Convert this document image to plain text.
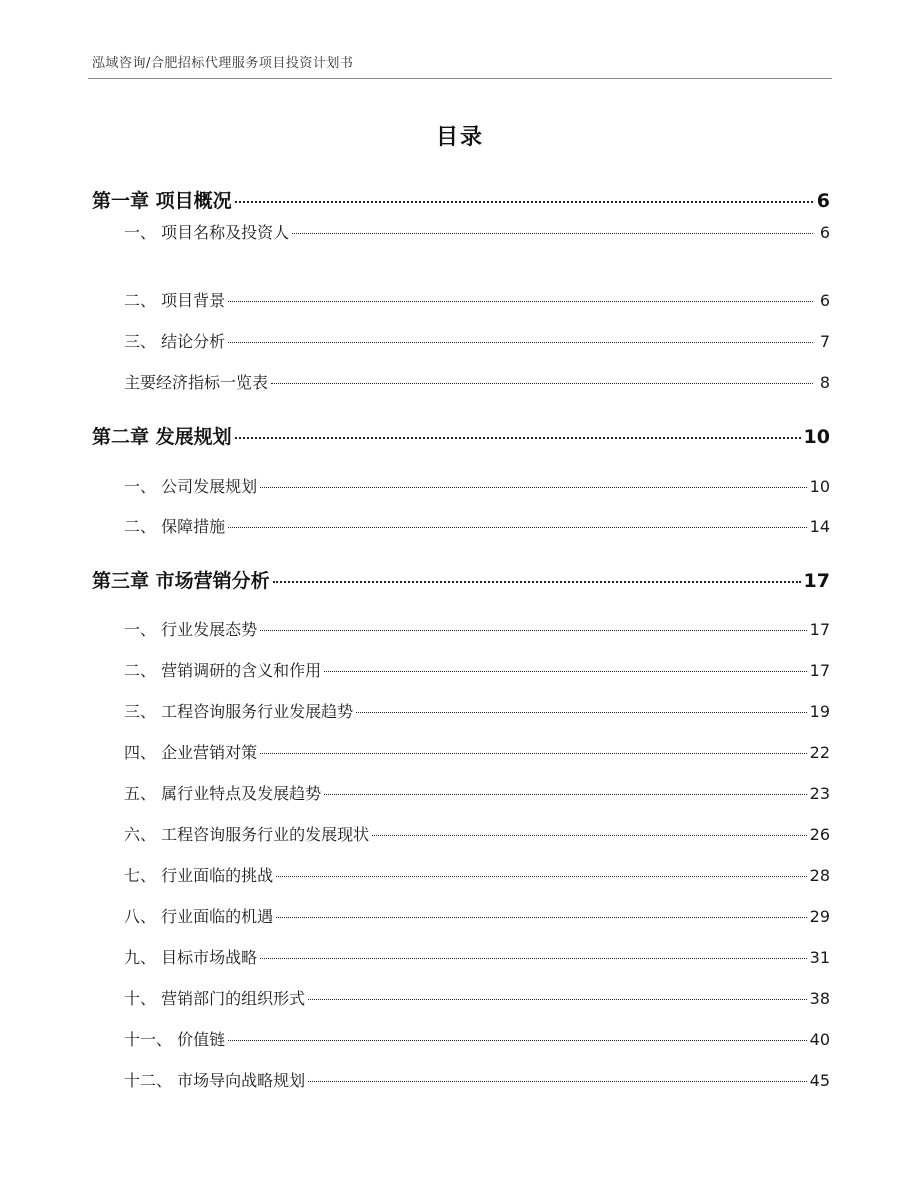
泓域咨询/合肥招标代理服务项目投资计划书
目录
第一章 项目概况	6
一、 项目名称及投资人	6
二、 项目背景	6
三、 结论分析	7
主要经济指标一览表	8
第二章 发展规划	10
一、 公司发展规划	10
二、 保障措施	14
第三章 市场营销分析	17
一、 行业发展态势	17
二、 营销调研的含义和作用	17
三、 工程咨询服务行业发展趋势	19
四、 企业营销对策	22
五、 属行业特点及发展趋势	23
六、 工程咨询服务行业的发展现状	26
七、 行业面临的挑战	28
八、 行业面临的机遇	29
九、 目标市场战略	31
十、 营销部门的组织形式	38
十一、 价值链	40
十二、 市场导向战略规划	45
